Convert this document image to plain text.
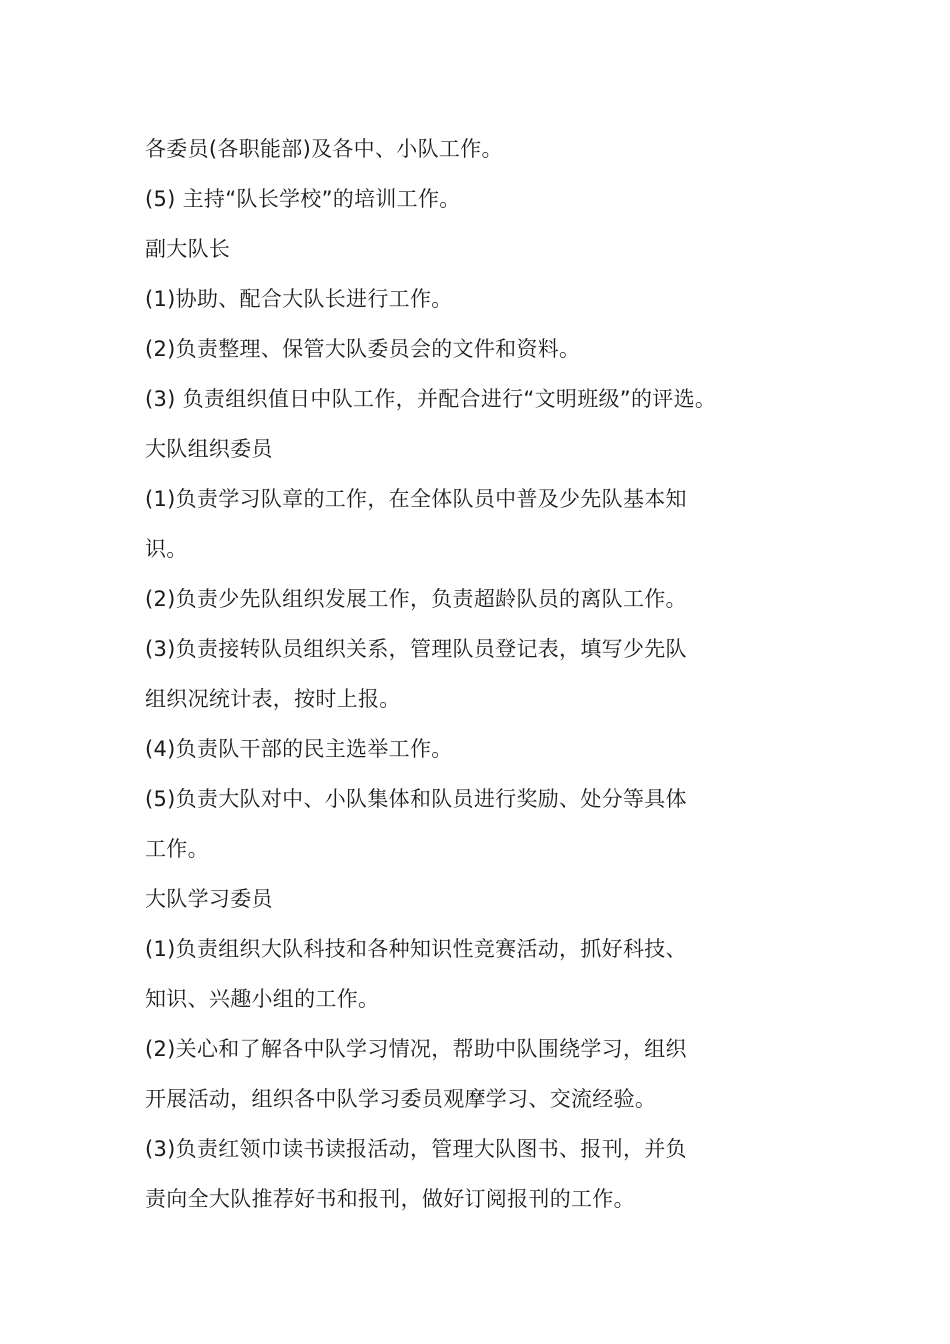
各委员(各职能部)及各中、小队工作。
(5) 主持“队长学校”的培训工作。
副大队长
(1)协助、配合大队长进行工作。
(2)负责整理、保管大队委员会的文件和资料。
(3) 负责组织值日中队工作，并配合进行“文明班级”的评选。
大队组织委员
(1)负责学习队章的工作，在全体队员中普及少先队基本知
识。
(2)负责少先队组织发展工作，负责超龄队员的离队工作。
(3)负责接转队员组织关系，管理队员登记表，填写少先队
组织况统计表，按时上报。
(4)负责队干部的民主选举工作。
(5)负责大队对中、小队集体和队员进行奖励、处分等具体
工作。
大队学习委员
(1)负责组织大队科技和各种知识性竞赛活动，抓好科技、
知识、兴趣小组的工作。
(2)关心和了解各中队学习情况，帮助中队围绕学习，组织
开展活动，组织各中队学习委员观摩学习、交流经验。
(3)负责红领巾读书读报活动，管理大队图书、报刊，并负
责向全大队推荐好书和报刊，做好订阅报刊的工作。
